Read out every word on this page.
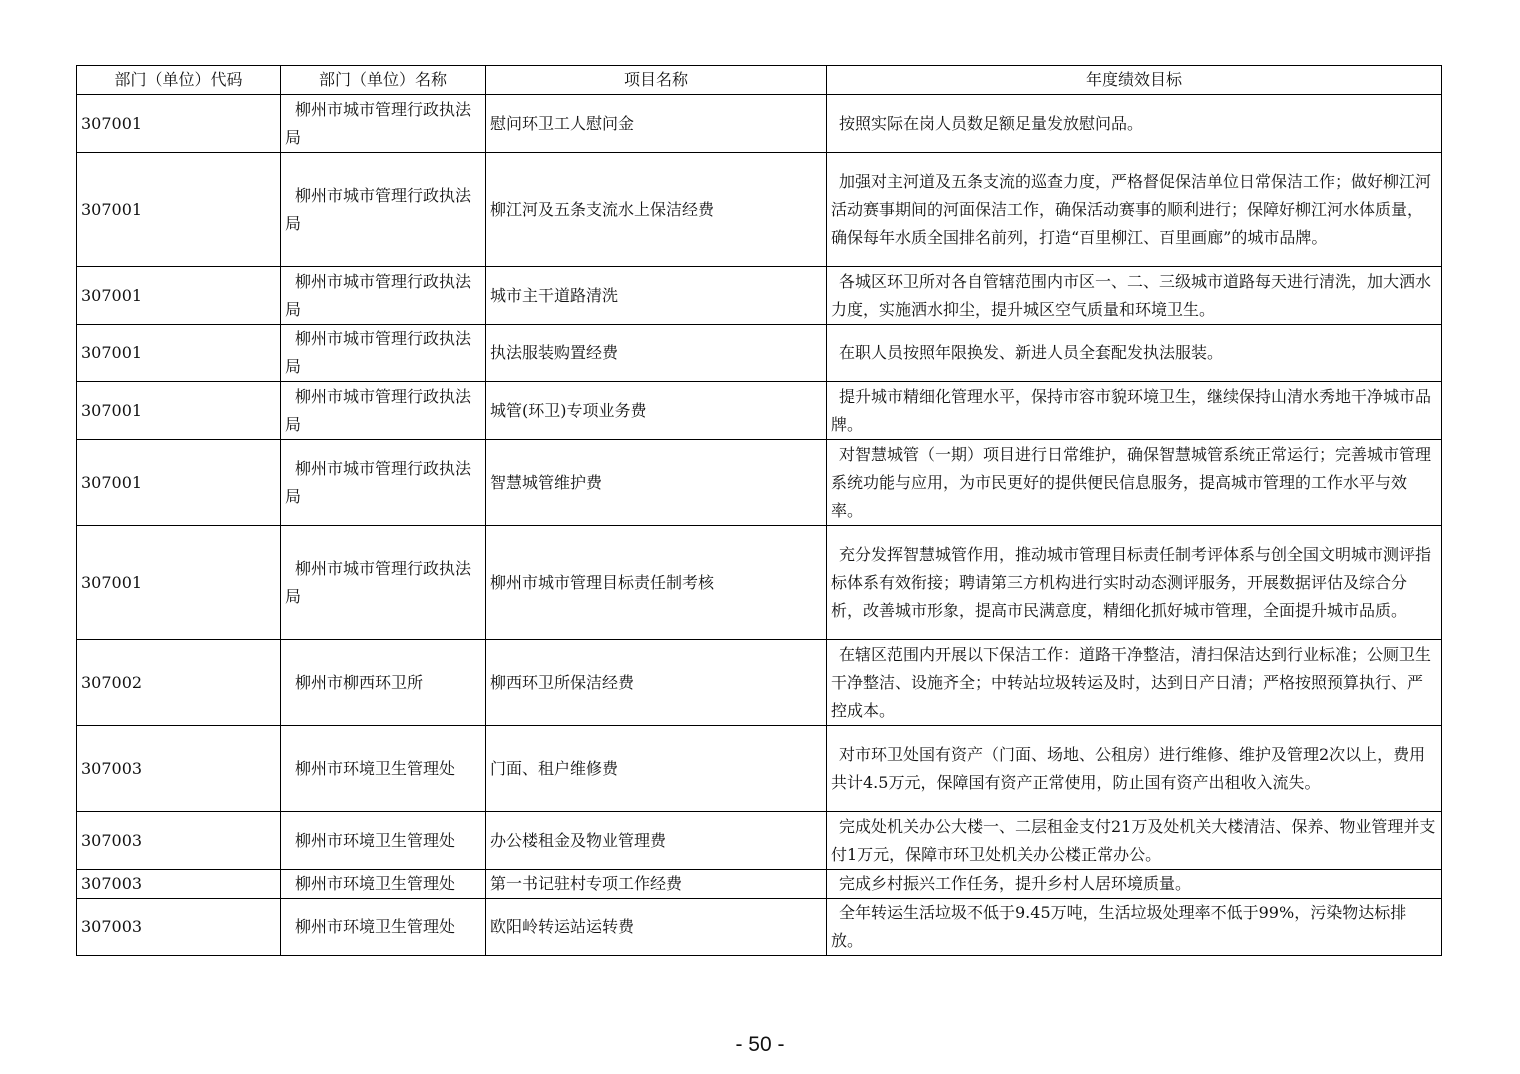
部门（单位）代码	部门（单位）名称	项目名称	年度绩效目标
307001	柳州市城市管理行政执法局	慰问环卫工人慰问金	按照实际在岗人员数足额足量发放慰问品。
307001	柳州市城市管理行政执法局	柳江河及五条支流水上保洁经费	加强对主河道及五条支流的巡查力度，严格督促保洁单位日常保洁工作；做好柳江河活动赛事期间的河面保洁工作，确保活动赛事的顺利进行；保障好柳江河水体质量，确保每年水质全国排名前列，打造“百里柳江、百里画廊”的城市品牌。
307001	柳州市城市管理行政执法局	城市主干道路清洗	各城区环卫所对各自管辖范围内市区一、二、三级城市道路每天进行清洗，加大洒水力度，实施洒水抑尘，提升城区空气质量和环境卫生。
307001	柳州市城市管理行政执法局	执法服装购置经费	在职人员按照年限换发、新进人员全套配发执法服装。
307001	柳州市城市管理行政执法局	城管(环卫)专项业务费	提升城市精细化管理水平，保持市容市貌环境卫生，继续保持山清水秀地干净城市品牌。
307001	柳州市城市管理行政执法局	智慧城管维护费	对智慧城管（一期）项目进行日常维护，确保智慧城管系统正常运行；完善城市管理系统功能与应用，为市民更好的提供便民信息服务，提高城市管理的工作水平与效率。
307001	柳州市城市管理行政执法局	柳州市城市管理目标责任制考核	充分发挥智慧城管作用，推动城市管理目标责任制考评体系与创全国文明城市测评指标体系有效衔接；聘请第三方机构进行实时动态测评服务，开展数据评估及综合分析，改善城市形象，提高市民满意度，精细化抓好城市管理，全面提升城市品质。
307002	柳州市柳西环卫所	柳西环卫所保洁经费	在辖区范围内开展以下保洁工作：道路干净整洁，清扫保洁达到行业标准；公厕卫生干净整洁、设施齐全；中转站垃圾转运及时，达到日产日清；严格按照预算执行、严控成本。
307003	柳州市环境卫生管理处	门面、租户维修费	对市环卫处国有资产（门面、场地、公租房）进行维修、维护及管理2次以上，费用共计4.5万元，保障国有资产正常使用，防止国有资产出租收入流失。
307003	柳州市环境卫生管理处	办公楼租金及物业管理费	完成处机关办公大楼一、二层租金支付21万及处机关大楼清洁、保养、物业管理并支付1万元，保障市环卫处机关办公楼正常办公。
307003	柳州市环境卫生管理处	第一书记驻村专项工作经费	完成乡村振兴工作任务，提升乡村人居环境质量。
307003	柳州市环境卫生管理处	欧阳岭转运站运转费	全年转运生活垃圾不低于9.45万吨，生活垃圾处理率不低于99%，污染物达标排放。
- 50 -
